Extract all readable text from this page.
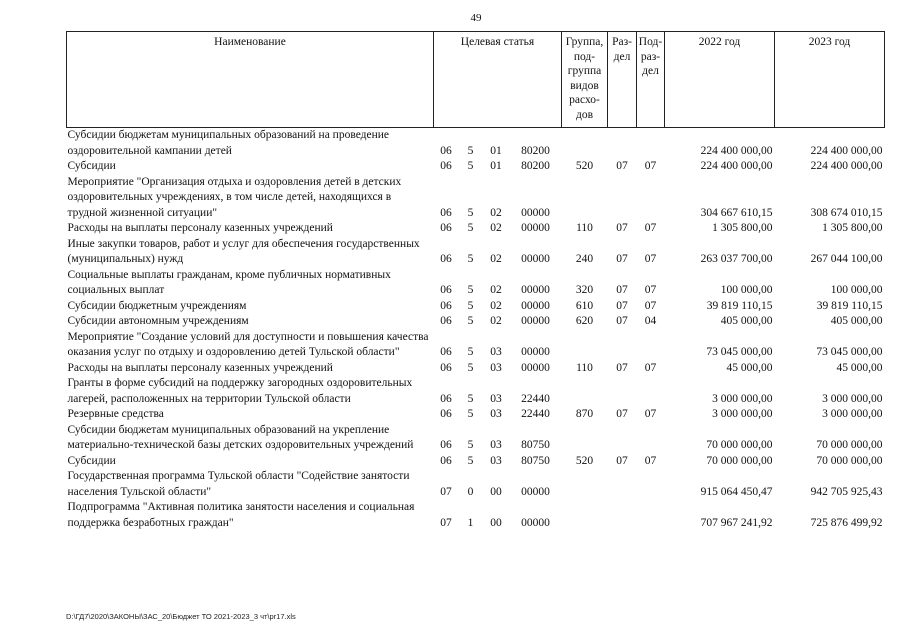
49
Наименование	Целевая статья				Группа, под-группа видов расхо-дов	Раз-дел	Под-раз-дел	2022 год	2023 год
Субсидии бюджетам муниципальных образований на проведение оздоровительной кампании детей	06	5	01	80200				224 400 000,00	224 400 000,00
Субсидии	06	5	01	80200	520	07	07	224 400 000,00	224 400 000,00
Мероприятие "Организация отдыха и оздоровления детей в детских оздоровительных учреждениях, в том числе детей, находящихся в трудной жизненной ситуации"	06	5	02	00000				304 667 610,15	308 674 010,15
Расходы на выплаты персоналу казенных учреждений	06	5	02	00000	110	07	07	1 305 800,00	1 305 800,00
Иные закупки товаров, работ и услуг для обеспечения государственных (муниципальных) нужд	06	5	02	00000	240	07	07	263 037 700,00	267 044 100,00
Социальные выплаты гражданам, кроме публичных нормативных социальных выплат	06	5	02	00000	320	07	07	100 000,00	100 000,00
Субсидии бюджетным учреждениям	06	5	02	00000	610	07	07	39 819 110,15	39 819 110,15
Субсидии автономным учреждениям	06	5	02	00000	620	07	04	405 000,00	405 000,00
Мероприятие "Создание условий для доступности и повышения качества оказания услуг по отдыху и оздоровлению детей Тульской области"	06	5	03	00000				73 045 000,00	73 045 000,00
Расходы на выплаты персоналу казенных учреждений	06	5	03	00000	110	07	07	45 000,00	45 000,00
Гранты в форме субсидий на поддержку загородных оздоровительных лагерей, расположенных на территории Тульской области	06	5	03	22440				3 000 000,00	3 000 000,00
Резервные средства	06	5	03	22440	870	07	07	3 000 000,00	3 000 000,00
Субсидии бюджетам муниципальных образований на укрепление материально-технической базы детских оздоровительных учреждений	06	5	03	80750				70 000 000,00	70 000 000,00
Субсидии	06	5	03	80750	520	07	07	70 000 000,00	70 000 000,00
Государственная программа Тульской области "Содействие занятости населения Тульской области"	07	0	00	00000				915 064 450,47	942 705 925,43
Подпрограмма "Активная политика занятости населения и социальная поддержка безработных граждан"	07	1	00	00000				707 967 241,92	725 876 499,92
D:\ГД7\2020\ЗАКОНЫ\ЗАС_20\Бюджет ТО 2021-2023_3 чт\pr17.xls
